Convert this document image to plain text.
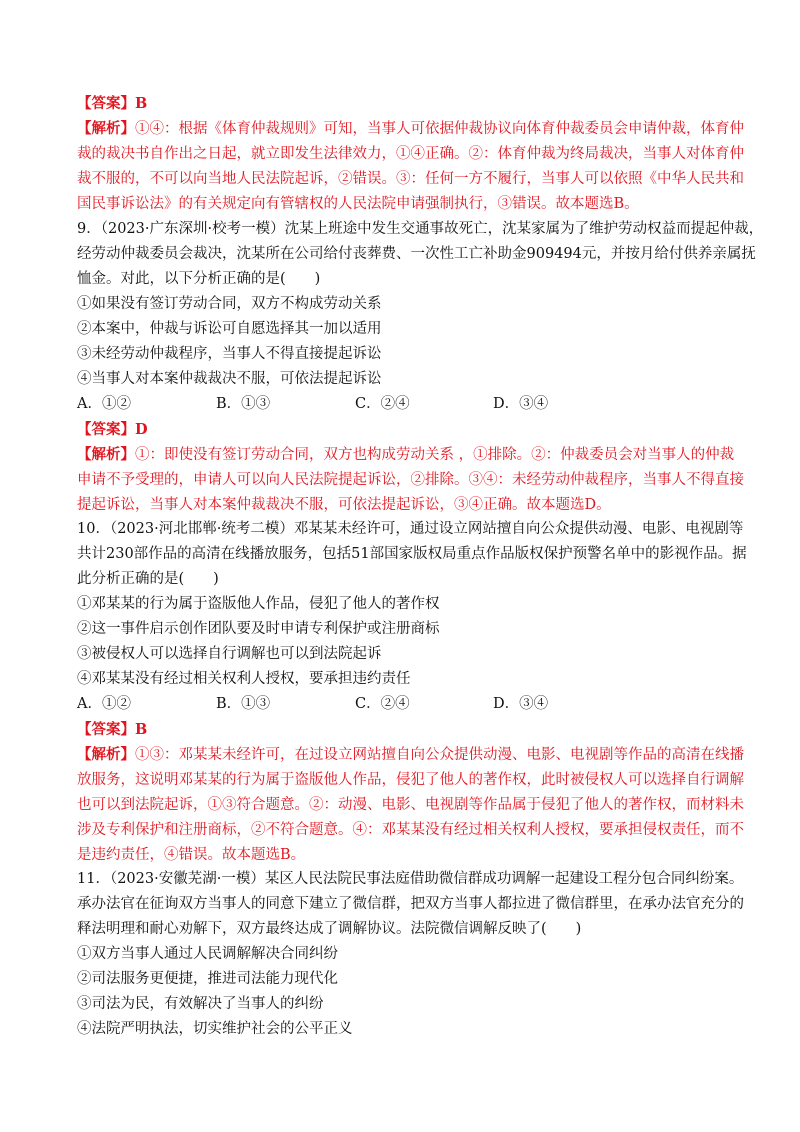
【答案】B
【解析】①④：根据《体育仲裁规则》可知，当事人可依据仲裁协议向体育仲裁委员会申请仲裁，体育仲
裁的裁决书自作出之日起，就立即发生法律效力，①④正确。②：体育仲裁为终局裁决，当事人对体育仲
裁不服的，不可以向当地人民法院起诉，②错误。③：任何一方不履行，当事人可以依照《中华人民共和
国民事诉讼法》的有关规定向有管辖权的人民法院申请强制执行，③错误。故本题选B。
9．（2023·广东深圳·校考一模）沈某上班途中发生交通事故死亡，沈某家属为了维护劳动权益而提起仲裁，
经劳动仲裁委员会裁决，沈某所在公司给付丧葬费、一次性工亡补助金909494元，并按月给付供养亲属抚
恤金。对此，以下分析正确的是(　　)
①如果没有签订劳动合同，双方不构成劳动关系
②本案中，仲裁与诉讼可自愿选择其一加以适用
③未经劳动仲裁程序，当事人不得直接提起诉讼
④当事人对本案仲裁裁决不服，可依法提起诉讼
A．①②	B．①③	C．②④	D．③④
【答案】D
【解析】①：即使没有签订劳动合同，双方也构成劳动关系 ，①排除。②：仲裁委员会对当事人的仲裁
申请不予受理的，申请人可以向人民法院提起诉讼，②排除。③④：未经劳动仲裁程序，当事人不得直接
提起诉讼，当事人对本案仲裁裁决不服，可依法提起诉讼，③④正确。故本题选D。
10．（2023·河北邯郸·统考二模）邓某某未经许可，通过设立网站擅自向公众提供动漫、电影、电视剧等
共计230部作品的高清在线播放服务，包括51部国家版权局重点作品版权保护预警名单中的影视作品。据
此分析正确的是(　　)
①邓某某的行为属于盗版他人作品，侵犯了他人的著作权
②这一事件启示创作团队要及时申请专利保护或注册商标
③被侵权人可以选择自行调解也可以到法院起诉
④邓某某没有经过相关权利人授权，要承担违约责任
A．①②	B．①③	C．②④	D．③④
【答案】B
【解析】①③：邓某某未经许可，在过设立网站擅自向公众提供动漫、电影、电视剧等作品的高清在线播
放服务，这说明邓某某的行为属于盗版他人作品，侵犯了他人的著作权，此时被侵权人可以选择自行调解
也可以到法院起诉，①③符合题意。②：动漫、电影、电视剧等作品属于侵犯了他人的著作权，而材料未
涉及专利保护和注册商标，②不符合题意。④：邓某某没有经过相关权利人授权，要承担侵权责任，而不
是违约责任，④错误。故本题选B。
11．（2023·安徽芜湖·一模）某区人民法院民事法庭借助微信群成功调解一起建设工程分包合同纠纷案。
承办法官在征询双方当事人的同意下建立了微信群，把双方当事人都拉进了微信群里，在承办法官充分的
释法明理和耐心劝解下，双方最终达成了调解协议。法院微信调解反映了(　　)
①双方当事人通过人民调解解决合同纠纷
②司法服务更便捷，推进司法能力现代化
③司法为民，有效解决了当事人的纠纷
④法院严明执法，切实维护社会的公平正义
